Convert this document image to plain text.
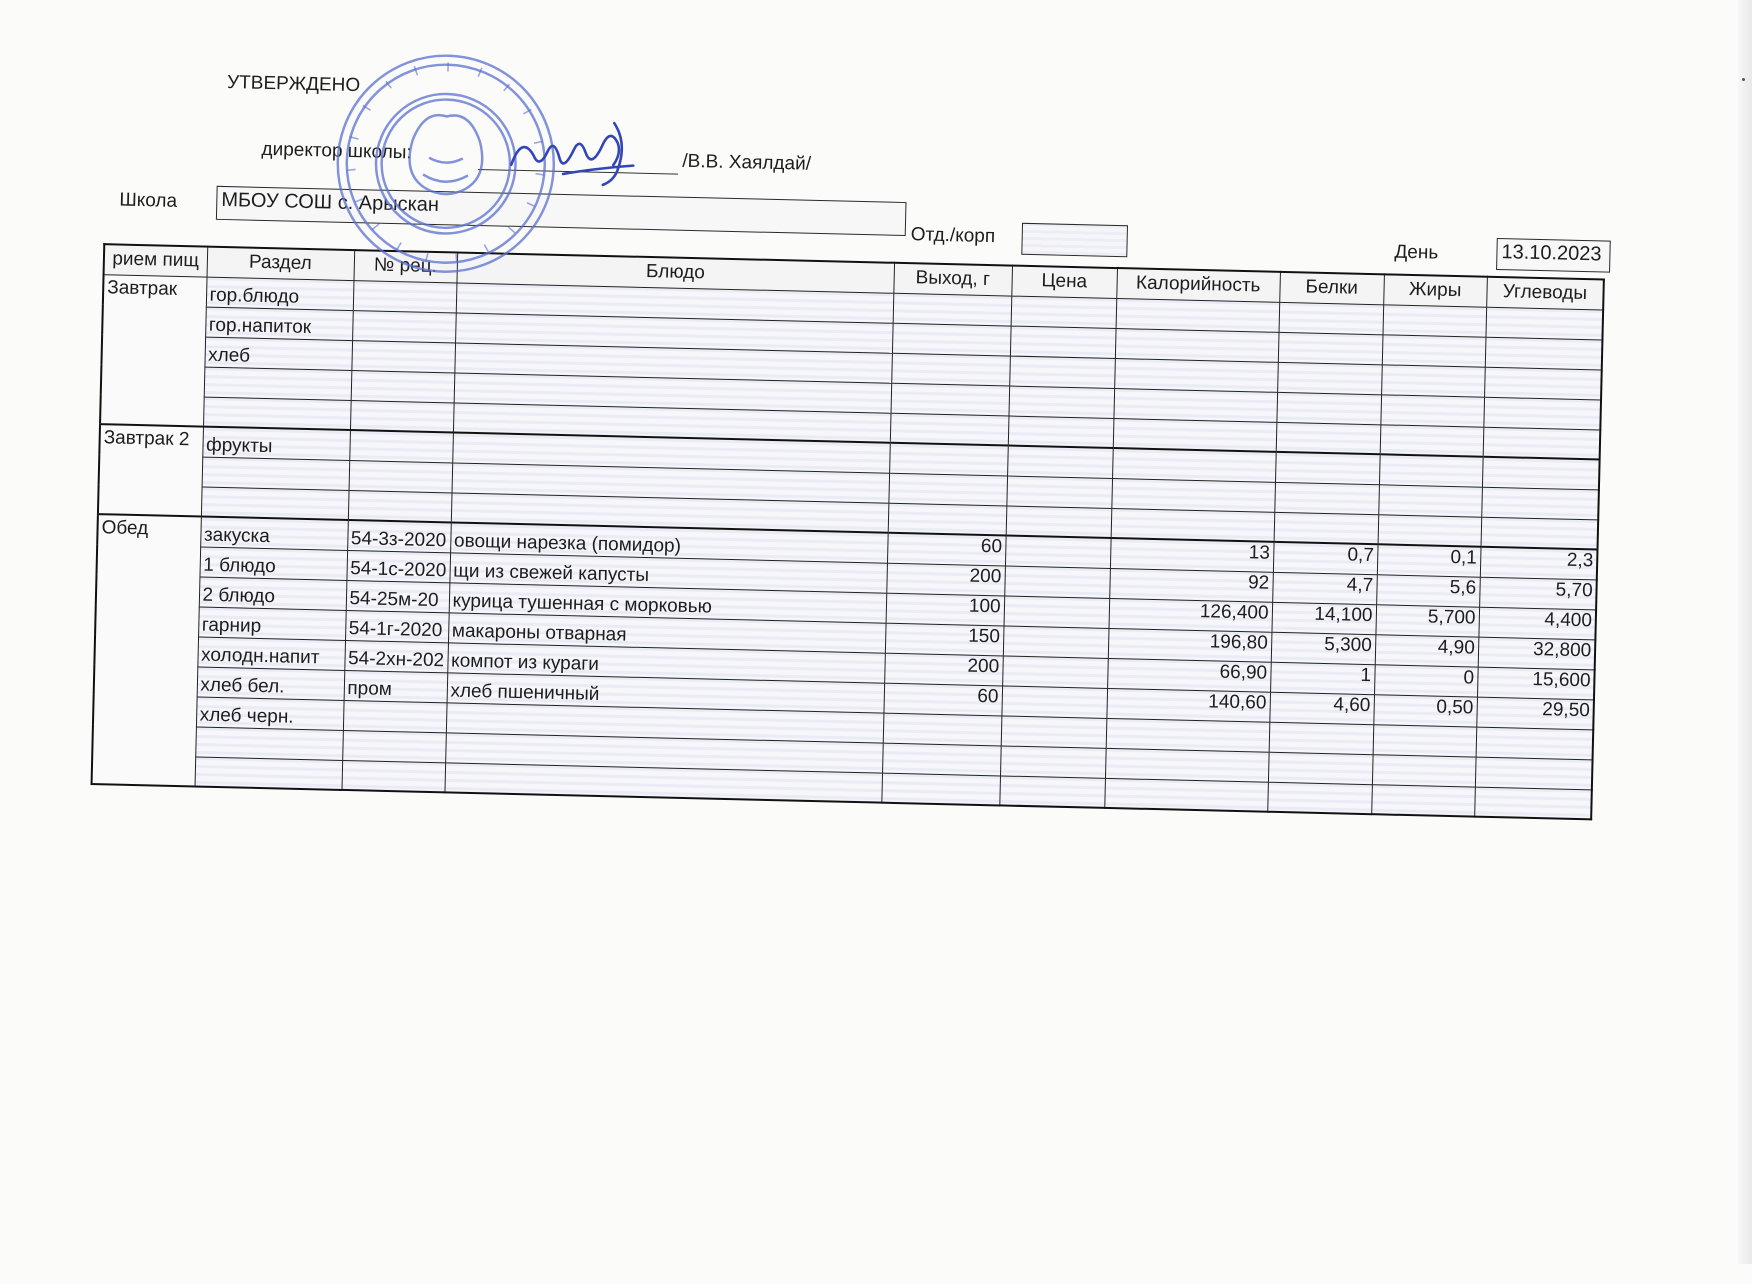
УТВЕРЖДЕНО
директор школы:	/В.В. Хаялдай/
Школа МБОУ СОШ с. Арыскан
Отд./корп
День	13.10.2023
рием пищ	Раздел	№ рец.	Блюдо	Выход, г	Цена	Калорийность	Белки	Жиры	Углеводы
Завтрак	гор.блюдо								
	гор.напиток								
	хлеб								

Завтрак 2	фрукты								

Обед	закуска	54-3з-2020	овощи нарезка (помидор)	60		13	0,7	0,1	2,3
	1 блюдо	54-1с-2020	щи из свежей капусты	200		92	4,7	5,6	5,70
	2 блюдо	54-25м-20	курица тушенная с морковью	100		126,400	14,100	5,700	4,400
	гарнир	54-1г-2020	макароны отварная	150		196,80	5,300	4,90	32,800
	холодн.напит	54-2хн-202	компот из кураги	200		66,90	1	0	15,600
	хлеб бел.	пром	хлеб пшеничный	60		140,60	4,60	0,50	29,50
	хлеб черн.								
